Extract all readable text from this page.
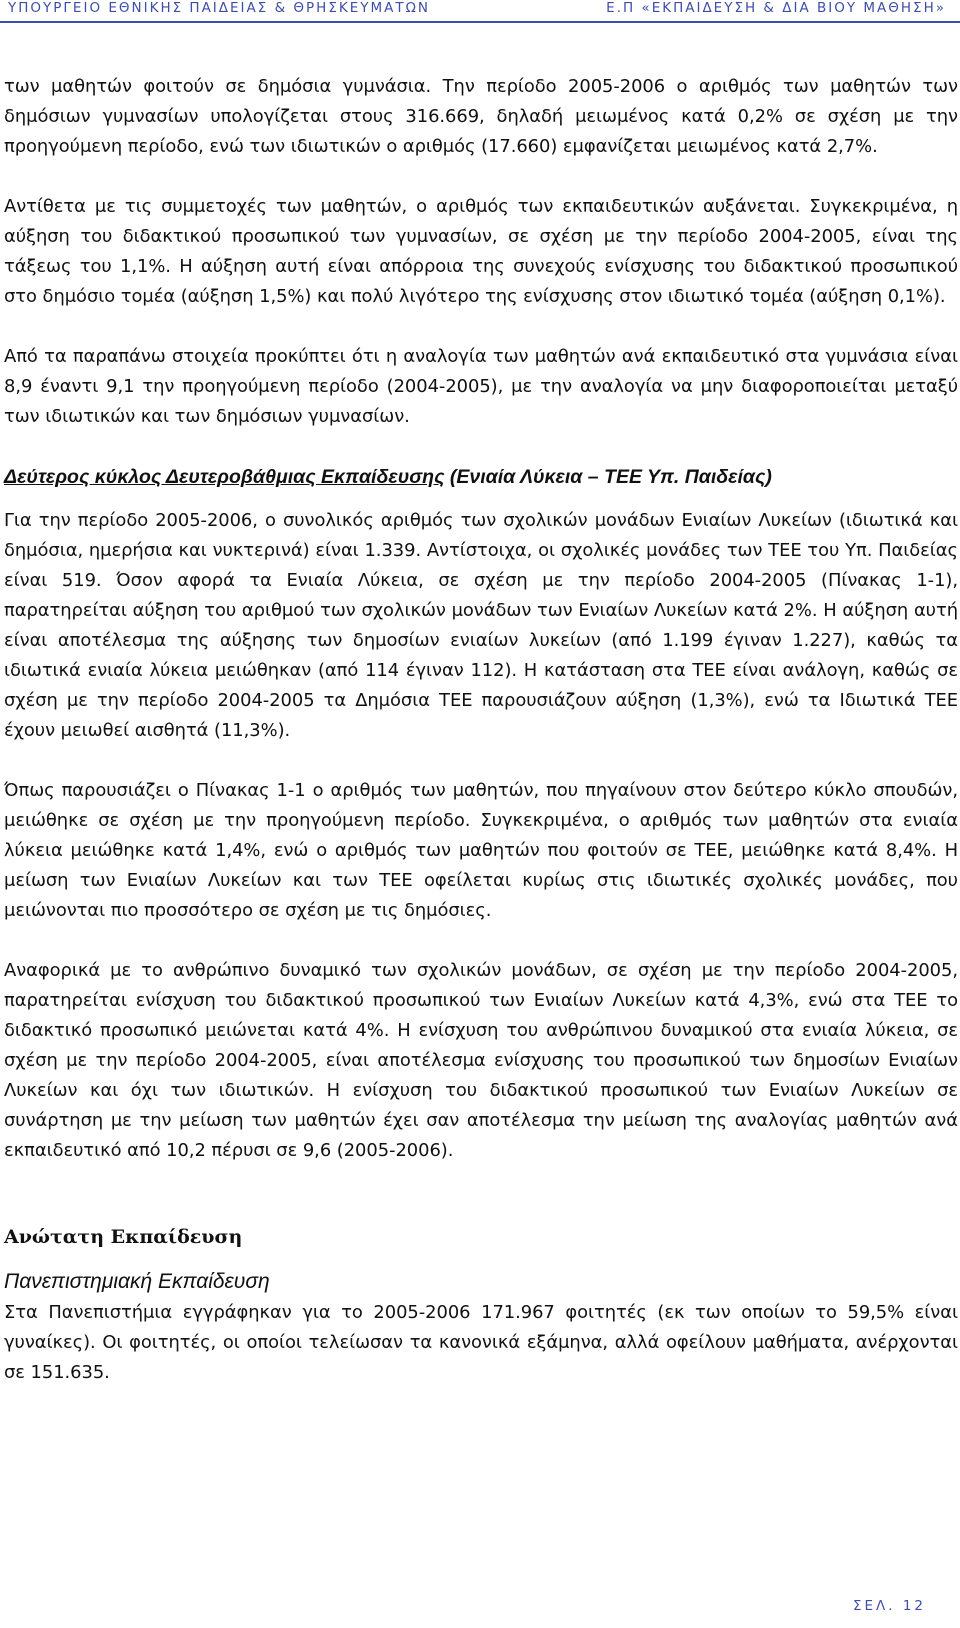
ΥΠΟΥΡΓΕΙΟ ΕΘΝΙΚΗΣ ΠΑΙΔΕΙΑΣ & ΘΡΗΣΚΕΥΜΑΤΩΝ	Ε.Π «ΕΚΠΑΙΔΕΥΣΗ & ΔΙΑ ΒΙΟΥ ΜΑΘΗΣΗ»

των μαθητών φοιτούν σε δημόσια γυμνάσια. Την περίοδο 2005-2006 ο αριθμός των μαθητών των δημόσιων γυμνασίων υπολογίζεται στους 316.669, δηλαδή μειωμένος κατά 0,2% σε σχέση με την προηγούμενη περίοδο, ενώ των ιδιωτικών ο αριθμός (17.660) εμφανίζεται μειωμένος κατά 2,7%.

Αντίθετα με τις συμμετοχές των μαθητών, ο αριθμός των εκπαιδευτικών αυξάνεται. Συγκεκριμένα, η αύξηση του διδακτικού προσωπικού των γυμνασίων, σε σχέση με την περίοδο 2004-2005, είναι της τάξεως του 1,1%. Η αύξηση αυτή είναι απόρροια της συνεχούς ενίσχυσης του διδακτικού προσωπικού στο δημόσιο τομέα (αύξηση 1,5%) και πολύ λιγότερο της ενίσχυσης στον ιδιωτικό τομέα (αύξηση 0,1%).

Από τα παραπάνω στοιχεία προκύπτει ότι η αναλογία των μαθητών ανά εκπαιδευτικό στα γυμνάσια είναι 8,9 έναντι 9,1 την προηγούμενη περίοδο (2004-2005), με την αναλογία να μην διαφοροποιείται μεταξύ των ιδιωτικών και των δημόσιων γυμνασίων.

Δεύτερος κύκλος Δευτεροβάθμιας Εκπαίδευσης (Ενιαία Λύκεια – ΤΕΕ Υπ. Παιδείας)

Για την περίοδο 2005-2006, ο συνολικός αριθμός των σχολικών μονάδων Ενιαίων Λυκείων (ιδιωτικά και δημόσια, ημερήσια και νυκτερινά) είναι 1.339. Αντίστοιχα, οι σχολικές μονάδες των ΤΕΕ του Υπ. Παιδείας είναι 519. Όσον αφορά τα Ενιαία Λύκεια, σε σχέση με την περίοδο 2004-2005 (Πίνακας 1-1), παρατηρείται αύξηση του αριθμού των σχολικών μονάδων των Ενιαίων Λυκείων κατά 2%. Η αύξηση αυτή είναι αποτέλεσμα της αύξησης των δημοσίων ενιαίων λυκείων (από 1.199 έγιναν 1.227), καθώς τα ιδιωτικά ενιαία λύκεια μειώθηκαν (από 114 έγιναν 112). Η κατάσταση στα ΤΕΕ είναι ανάλογη, καθώς σε σχέση με την περίοδο 2004-2005 τα Δημόσια ΤΕΕ παρουσιάζουν αύξηση (1,3%), ενώ τα Ιδιωτικά ΤΕΕ έχουν μειωθεί αισθητά (11,3%).

Όπως παρουσιάζει ο Πίνακας 1-1 ο αριθμός των μαθητών, που πηγαίνουν στον δεύτερο κύκλο σπουδών, μειώθηκε σε σχέση με την προηγούμενη περίοδο. Συγκεκριμένα, ο αριθμός των μαθητών στα ενιαία λύκεια μειώθηκε κατά 1,4%, ενώ ο αριθμός των μαθητών που φοιτούν σε ΤΕΕ, μειώθηκε κατά 8,4%. Η μείωση των Ενιαίων Λυκείων και των ΤΕΕ οφείλεται κυρίως στις ιδιωτικές σχολικές μονάδες, που μειώνονται πιο προσσότερο σε σχέση με τις δημόσιες.

Αναφορικά με το ανθρώπινο δυναμικό των σχολικών μονάδων, σε σχέση με την περίοδο 2004-2005, παρατηρείται ενίσχυση του διδακτικού προσωπικού των Ενιαίων Λυκείων κατά 4,3%, ενώ στα ΤΕΕ το διδακτικό προσωπικό μειώνεται κατά 4%. Η ενίσχυση του ανθρώπινου δυναμικού στα ενιαία λύκεια, σε σχέση με την περίοδο 2004-2005, είναι αποτέλεσμα ενίσχυσης του προσωπικού των δημοσίων Ενιαίων Λυκείων και όχι των ιδιωτικών. Η ενίσχυση του διδακτικού προσωπικού των Ενιαίων Λυκείων σε συνάρτηση με την μείωση των μαθητών έχει σαν αποτέλεσμα την μείωση της αναλογίας μαθητών ανά εκπαιδευτικό από 10,2 πέρυσι σε 9,6 (2005-2006).

Ανώτατη Εκπαίδευση
Πανεπιστημιακή Εκπαίδευση

Στα Πανεπιστήμια εγγράφηκαν για το 2005-2006 171.967 φοιτητές (εκ των οποίων το 59,5% είναι γυναίκες). Οι φοιτητές, οι οποίοι τελείωσαν τα κανονικά εξάμηνα, αλλά οφείλουν μαθήματα, ανέρχονται σε 151.635.

ΣΕΛ. 12
